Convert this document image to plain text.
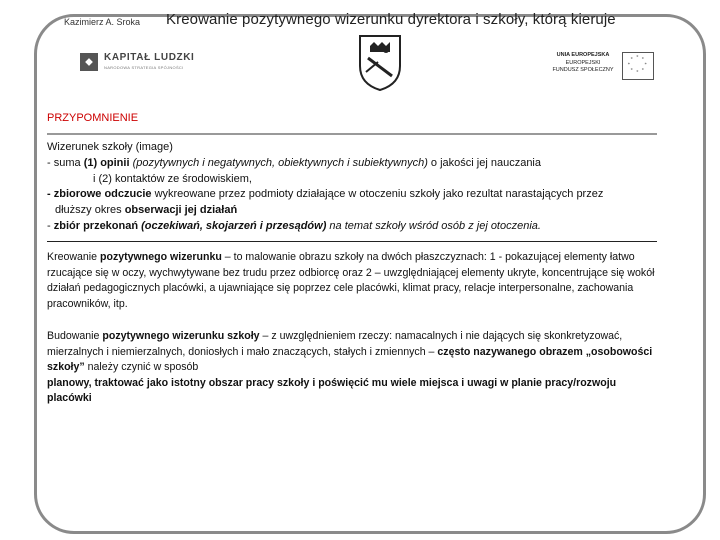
Kazimierz A. Sroka Kreowanie pozytywnego wizerunku dyrektora i szkoły, którą kieruje
KAPITAŁ LUDZKI
NARODOWA STRATEGIA SPÓJNOŚCI
UNIA EUROPEJSKA
EUROPEJSKI
FUNDUSZ SPOŁECZNY
* *
*
*
*
*
*
*
PRZYPOMNIENIE

Wizerunek szkoły (image)

- suma (1) opinii (pozytywnych i negatywnych, obiektywnych i subiektywnych) o jakości jej nauczania

i (2) kontaktów ze środowiskiem,

- zbiorowe odczucie wykreowane przez podmioty działające w otoczeniu szkoły jako rezultat narastających przez

dłuższy okres obserwacji jej działań

- zbiór przekonań (oczekiwań, skojarzeń i przesądów) na temat szkoły wśród osób z jej otoczenia.

Kreowanie pozytywnego wizerunku – to malowanie obrazu szkoły na dwóch płaszczyznach: 1 - pokazującej elementy łatwo rzucające się w oczy, wychwytywane bez trudu przez odbiorcę oraz 2 – uwzględniającej elementy ukryte, koncentrujące się wokół działań pedagogicznych placówki, a ujawniające się poprzez cele placówki, klimat pracy, relacje interpersonalne, zachowania pracowników, itp.

Budowanie pozytywnego wizerunku szkoły – z uwzględnieniem rzeczy: namacalnych i nie dających się skonkretyzować, mierzalnych i niemierzalnych, doniosłych i mało znaczących, stałych i zmiennych – często nazywanego obrazem „osobowości szkoły” należy czynić w sposób
planowy, traktować jako istotny obszar pracy szkoły i poświęcić mu wiele miejsca i uwagi w planie pracy/rozwoju placówki
